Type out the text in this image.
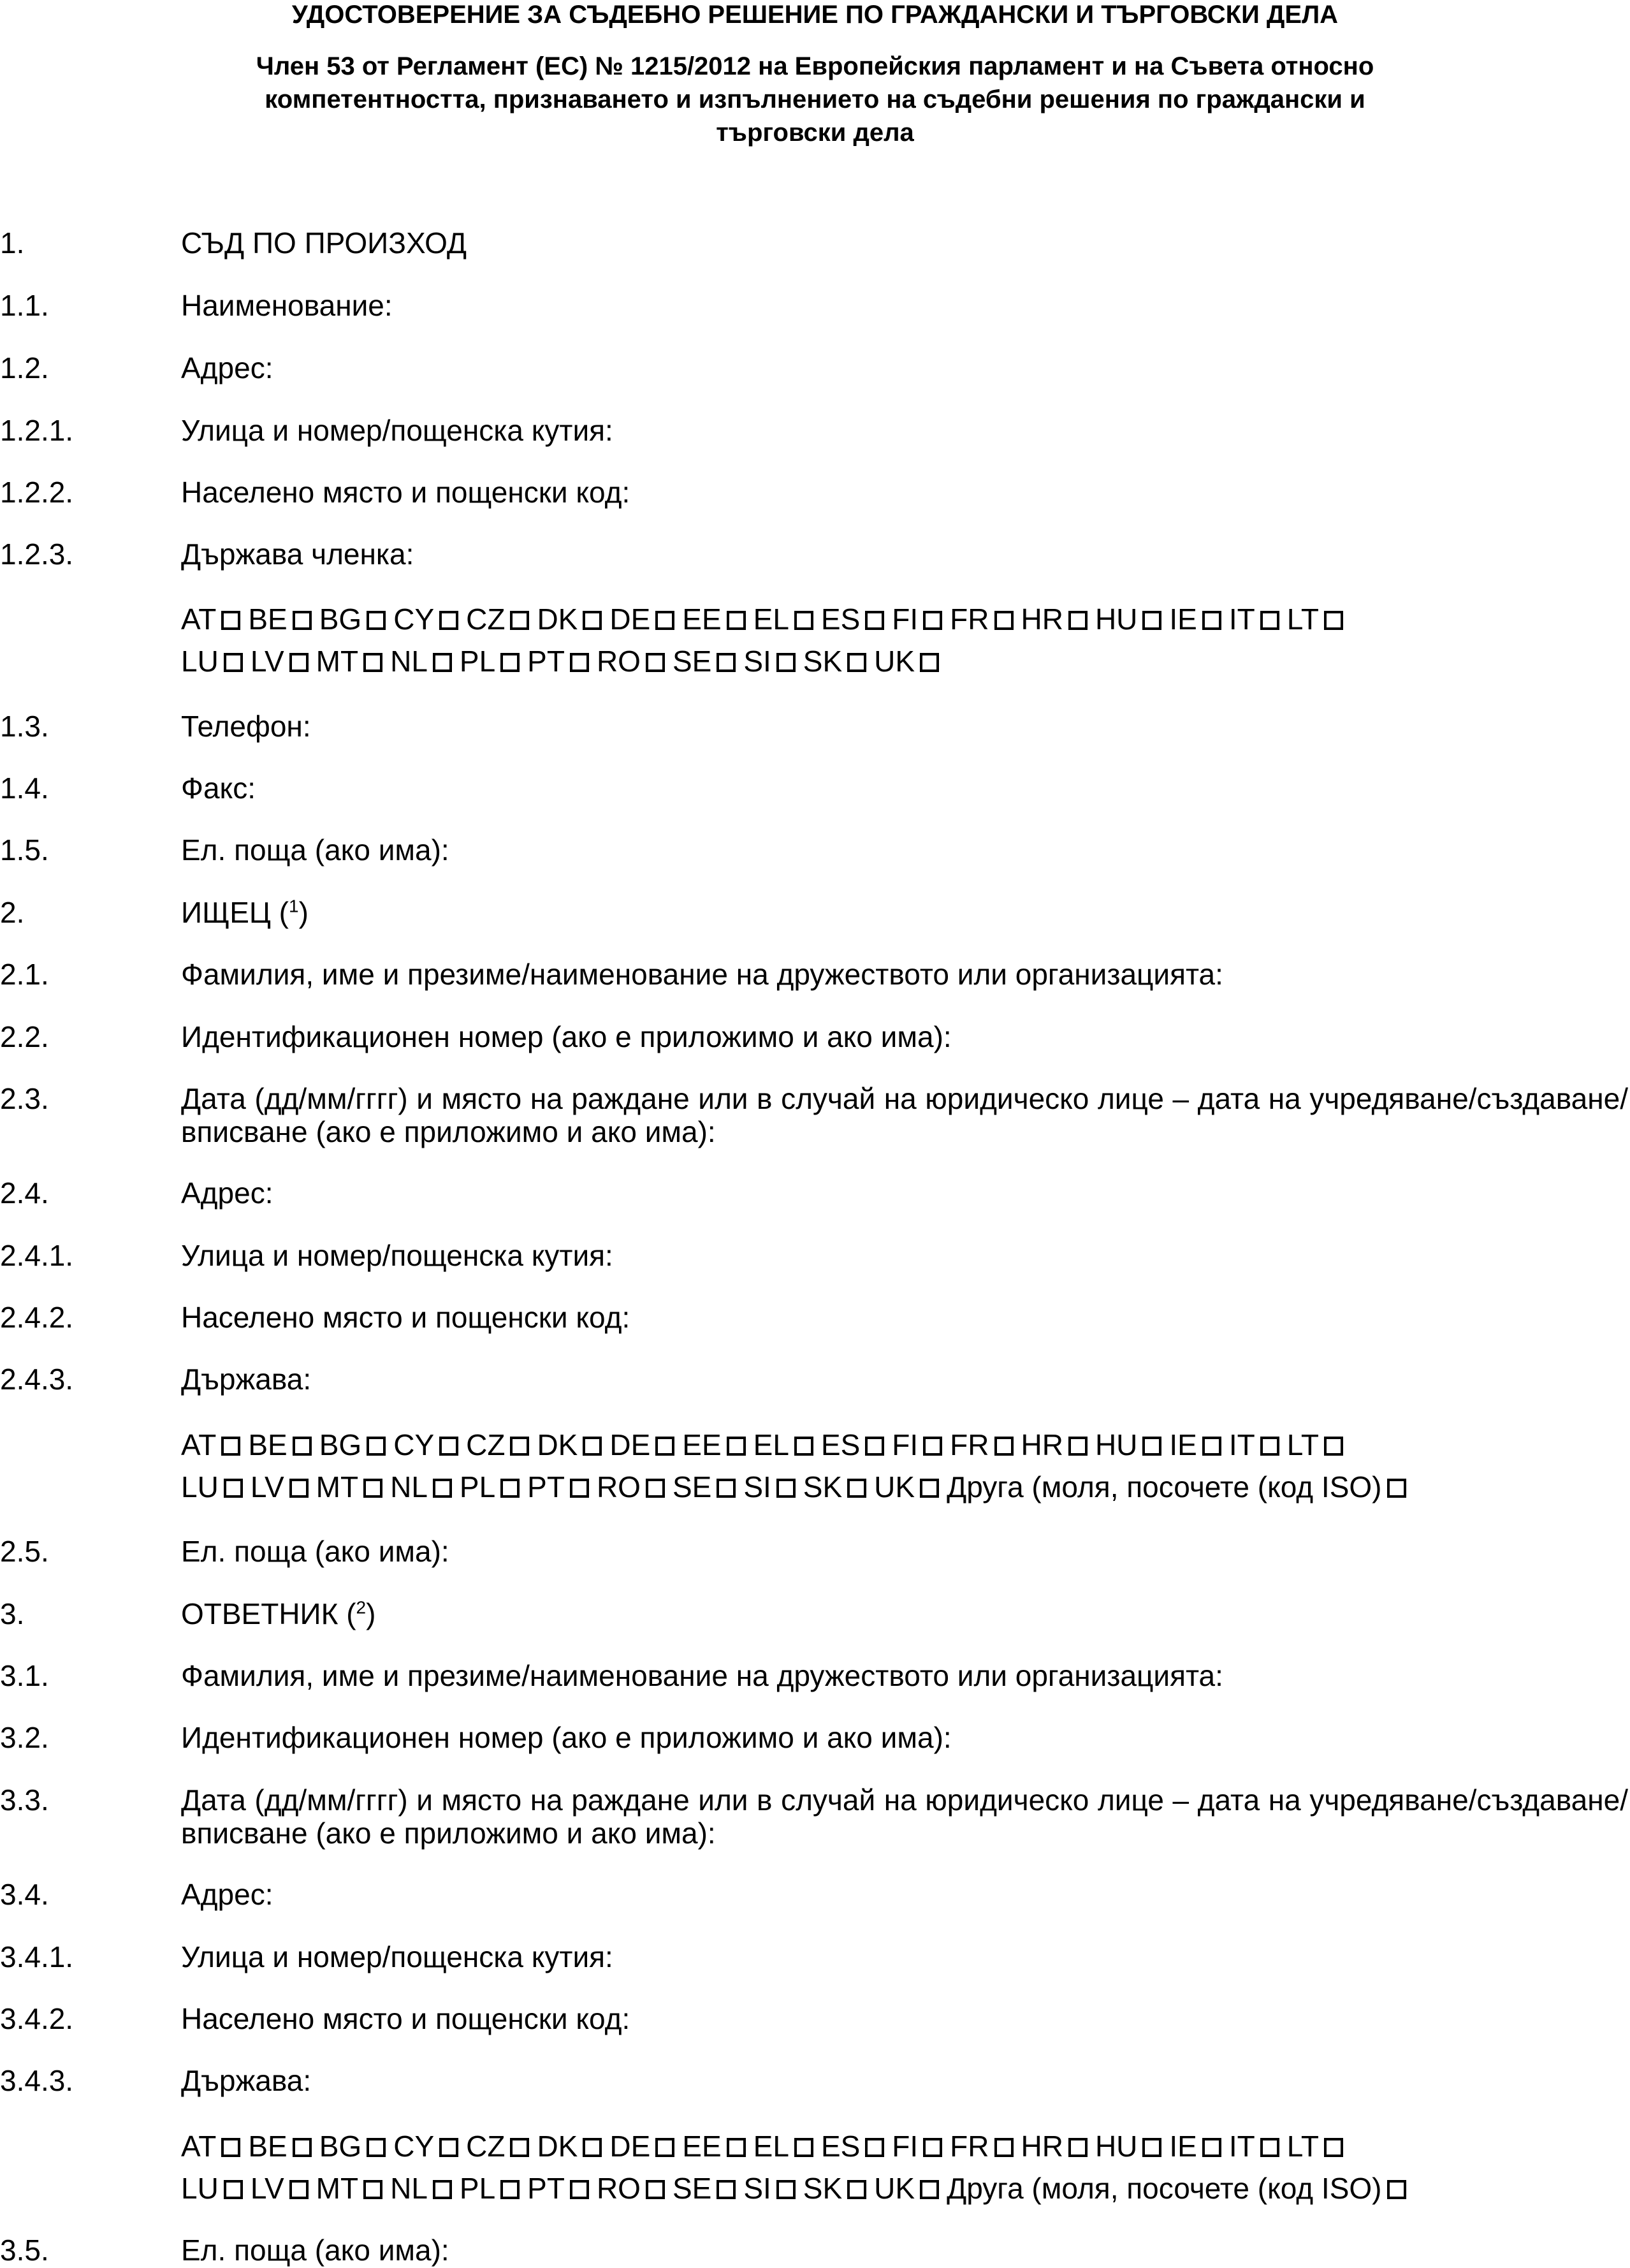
УДОСТОВЕРЕНИЕ ЗА СЪДЕБНО РЕШЕНИЕ ПО ГРАЖДАНСКИ И ТЪРГОВСКИ ДЕЛА
Член 53 от Регламент (ЕС) № 1215/2012 на Европейския парламент и на Съвета относно
компетентността, признаването и изпълнението на съдебни решения по граждански и
търговски дела
1.	СЪД ПО ПРОИЗХОД
1.1.	Наименование:
1.2.	Адрес:
1.2.1.	Улица и номер/пощенска кутия:
1.2.2.	Населено място и пощенски код:
1.2.3.	Държава членка:
AT BE BG CY CZ DK DE EE EL ES FI FR HR HU IE IT LT
LU LV MT NL PL PT RO SE SI SK UK
1.3.	Телефон:
1.4.	Факс:
1.5.	Ел. поща (ако има):
2.	ИЩЕЦ ($^1$)
2.1.	Фамилия, име и презиме/наименование на дружеството или организацията:
2.2.	Идентификационен номер (ако е приложимо и ако има):
2.3.	Дата (дд/мм/гггг) и място на раждане или в случай на юридическо лице – дата на учредяване/създаване/вписване (ако е приложимо и ако има):
2.4.	Адрес:
2.4.1.	Улица и номер/пощенска кутия:
2.4.2.	Населено място и пощенски код:
2.4.3.	Държава:
AT BE BG CY CZ DK DE EE EL ES FI FR HR HU IE IT LT
LU LV MT NL PL PT RO SE SI SK UK Друга (моля, посочете (код ISO)
2.5.	Ел. поща (ако има):
3.	ОТВЕТНИК ($^2$)
3.1.	Фамилия, име и презиме/наименование на дружеството или организацията:
3.2.	Идентификационен номер (ако е приложимо и ако има):
3.3.	Дата (дд/мм/гггг) и място на раждане или в случай на юридическо лице – дата на учредяване/създаване/вписване (ако е приложимо и ако има):
3.4.	Адрес:
3.4.1.	Улица и номер/пощенска кутия:
3.4.2.	Населено място и пощенски код:
3.4.3.	Държава:
AT BE BG CY CZ DK DE EE EL ES FI FR HR HU IE IT LT
LU LV MT NL PL PT RO SE SI SK UK Друга (моля, посочете (код ISO)
3.5.	Ел. поща (ако има):
